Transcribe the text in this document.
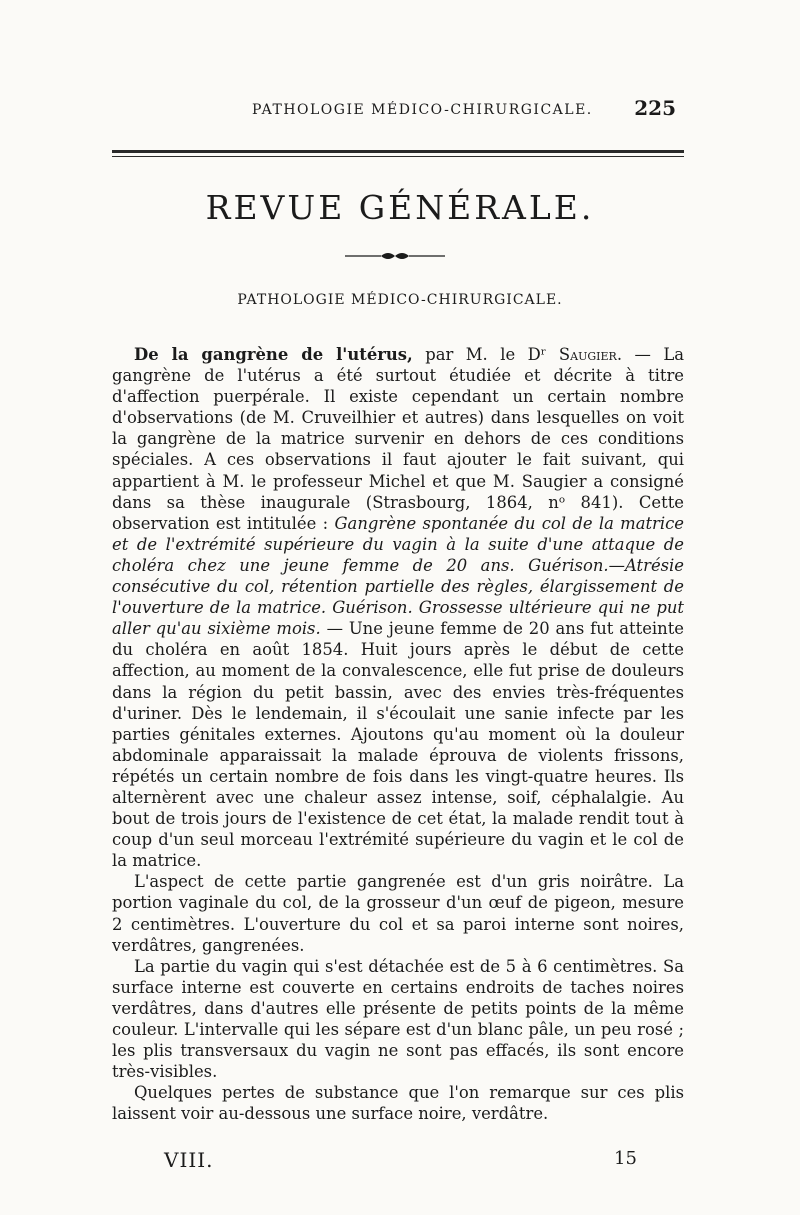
PATHOLOGIE MÉDICO-CHIRURGICALE. 225
REVUE GÉNÉRALE.
PATHOLOGIE MÉDICO-CHIRURGICALE.

De la gangrène de l'utérus, par M. le Dʳ Saugier. — La gangrène de l'utérus a été surtout étudiée et décrite à titre d'affection puerpérale. Il existe cependant un certain nombre d'observations (de M. Cruveilhier et autres) dans lesquelles on voit la gangrène de la matrice survenir en dehors de ces conditions spéciales. A ces observations il faut ajouter le fait suivant, qui appartient à M. le professeur Michel et que M. Saugier a consigné dans sa thèse inaugurale (Strasbourg, 1864, nᵒ 841). Cette observation est intitulée : Gangrène spontanée du col de la matrice et de l'extrémité supérieure du vagin à la suite d'une attaque de choléra chez une jeune femme de 20 ans. Guérison.—Atrésie consécutive du col, rétention partielle des règles, élargissement de l'ouverture de la matrice. Guérison. Grossesse ultérieure qui ne put aller qu'au sixième mois. — Une jeune femme de 20 ans fut atteinte du choléra en août 1854. Huit jours après le début de cette affection, au moment de la convalescence, elle fut prise de douleurs dans la région du petit bassin, avec des envies très-fréquentes d'uriner. Dès le lendemain, il s'écoulait une sanie infecte par les parties génitales externes. Ajoutons qu'au moment où la douleur abdominale apparaissait la malade éprouva de violents frissons, répétés un certain nombre de fois dans les vingt-quatre heures. Ils alternèrent avec une chaleur assez intense, soif, céphalalgie. Au bout de trois jours de l'existence de cet état, la malade rendit tout à coup d'un seul morceau l'extrémité supérieure du vagin et le col de la matrice.

L'aspect de cette partie gangrenée est d'un gris noirâtre. La portion vaginale du col, de la grosseur d'un œuf de pigeon, mesure 2 centimètres. L'ouverture du col et sa paroi interne sont noires, verdâtres, gangrenées.

La partie du vagin qui s'est détachée est de 5 à 6 centimètres. Sa surface interne est couverte en certains endroits de taches noires verdâtres, dans d'autres elle présente de petits points de la même couleur. L'intervalle qui les sépare est d'un blanc pâle, un peu rosé ; les plis transversaux du vagin ne sont pas effacés, ils sont encore très-visibles.

Quelques pertes de substance que l'on remarque sur ces plis laissent voir au-dessous une surface noire, verdâtre.

VIII.	15
